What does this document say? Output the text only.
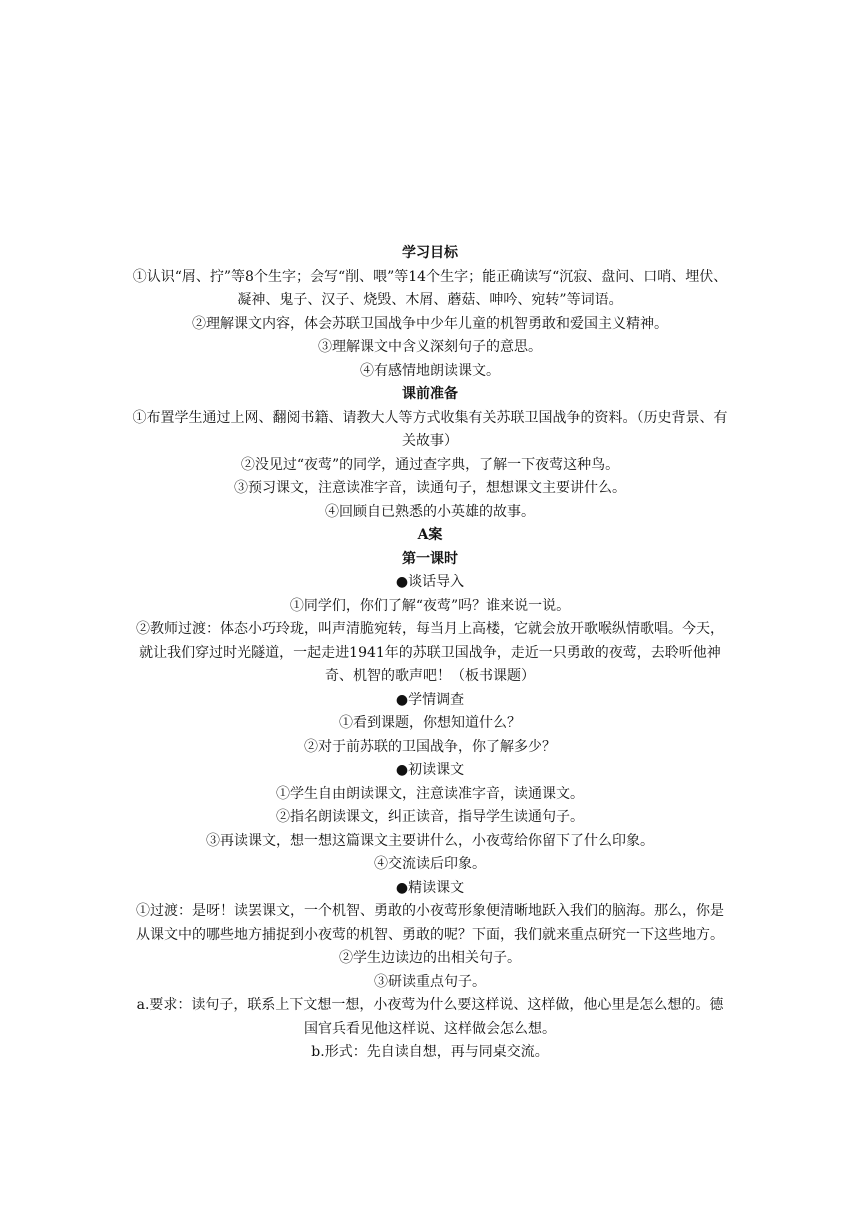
学习目标
①认识“屑、拧”等8个生字；会写“削、喂”等14个生字；能正确读写“沉寂、盘问、口哨、埋伏、凝神、鬼子、汉子、烧毁、木屑、蘑菇、呻吟、宛转”等词语。
②理解课文内容，体会苏联卫国战争中少年儿童的机智勇敢和爱国主义精神。
③理解课文中含义深刻句子的意思。
④有感情地朗读课文。
课前准备
①布置学生通过上网、翻阅书籍、请教大人等方式收集有关苏联卫国战争的资料。（历史背景、有关故事）
②没见过“夜莺”的同学，通过查字典，了解一下夜莺这种鸟。
③预习课文，注意读准字音，读通句子，想想课文主要讲什么。
④回顾自已熟悉的小英雄的故事。
A案
第一课时
●谈话导入
①同学们，你们了解“夜莺”吗？谁来说一说。
②教师过渡：体态小巧玲珑，叫声清脆宛转，每当月上高楼，它就会放开歌喉纵情歌唱。今天，就让我们穿过时光隧道，一起走进1941年的苏联卫国战争，走近一只勇敢的夜莺，去聆听他神奇、机智的歌声吧！（板书课题）
●学情调查
①看到课题，你想知道什么？
②对于前苏联的卫国战争，你了解多少？
●初读课文
①学生自由朗读课文，注意读准字音，读通课文。
②指名朗读课文，纠正读音，指导学生读通句子。
③再读课文，想一想这篇课文主要讲什么，小夜莺给你留下了什么印象。
④交流读后印象。
●精读课文
①过渡：是呀！读罢课文，一个机智、勇敢的小夜莺形象便清晰地跃入我们的脑海。那么，你是从课文中的哪些地方捕捉到小夜莺的机智、勇敢的呢？下面，我们就来重点研究一下这些地方。
②学生边读边的出相关句子。
③研读重点句子。
a.要求：读句子，联系上下文想一想，小夜莺为什么要这样说、这样做，他心里是怎么想的。德国官兵看见他这样说、这样做会怎么想。
b.形式：先自读自想，再与同桌交流。
